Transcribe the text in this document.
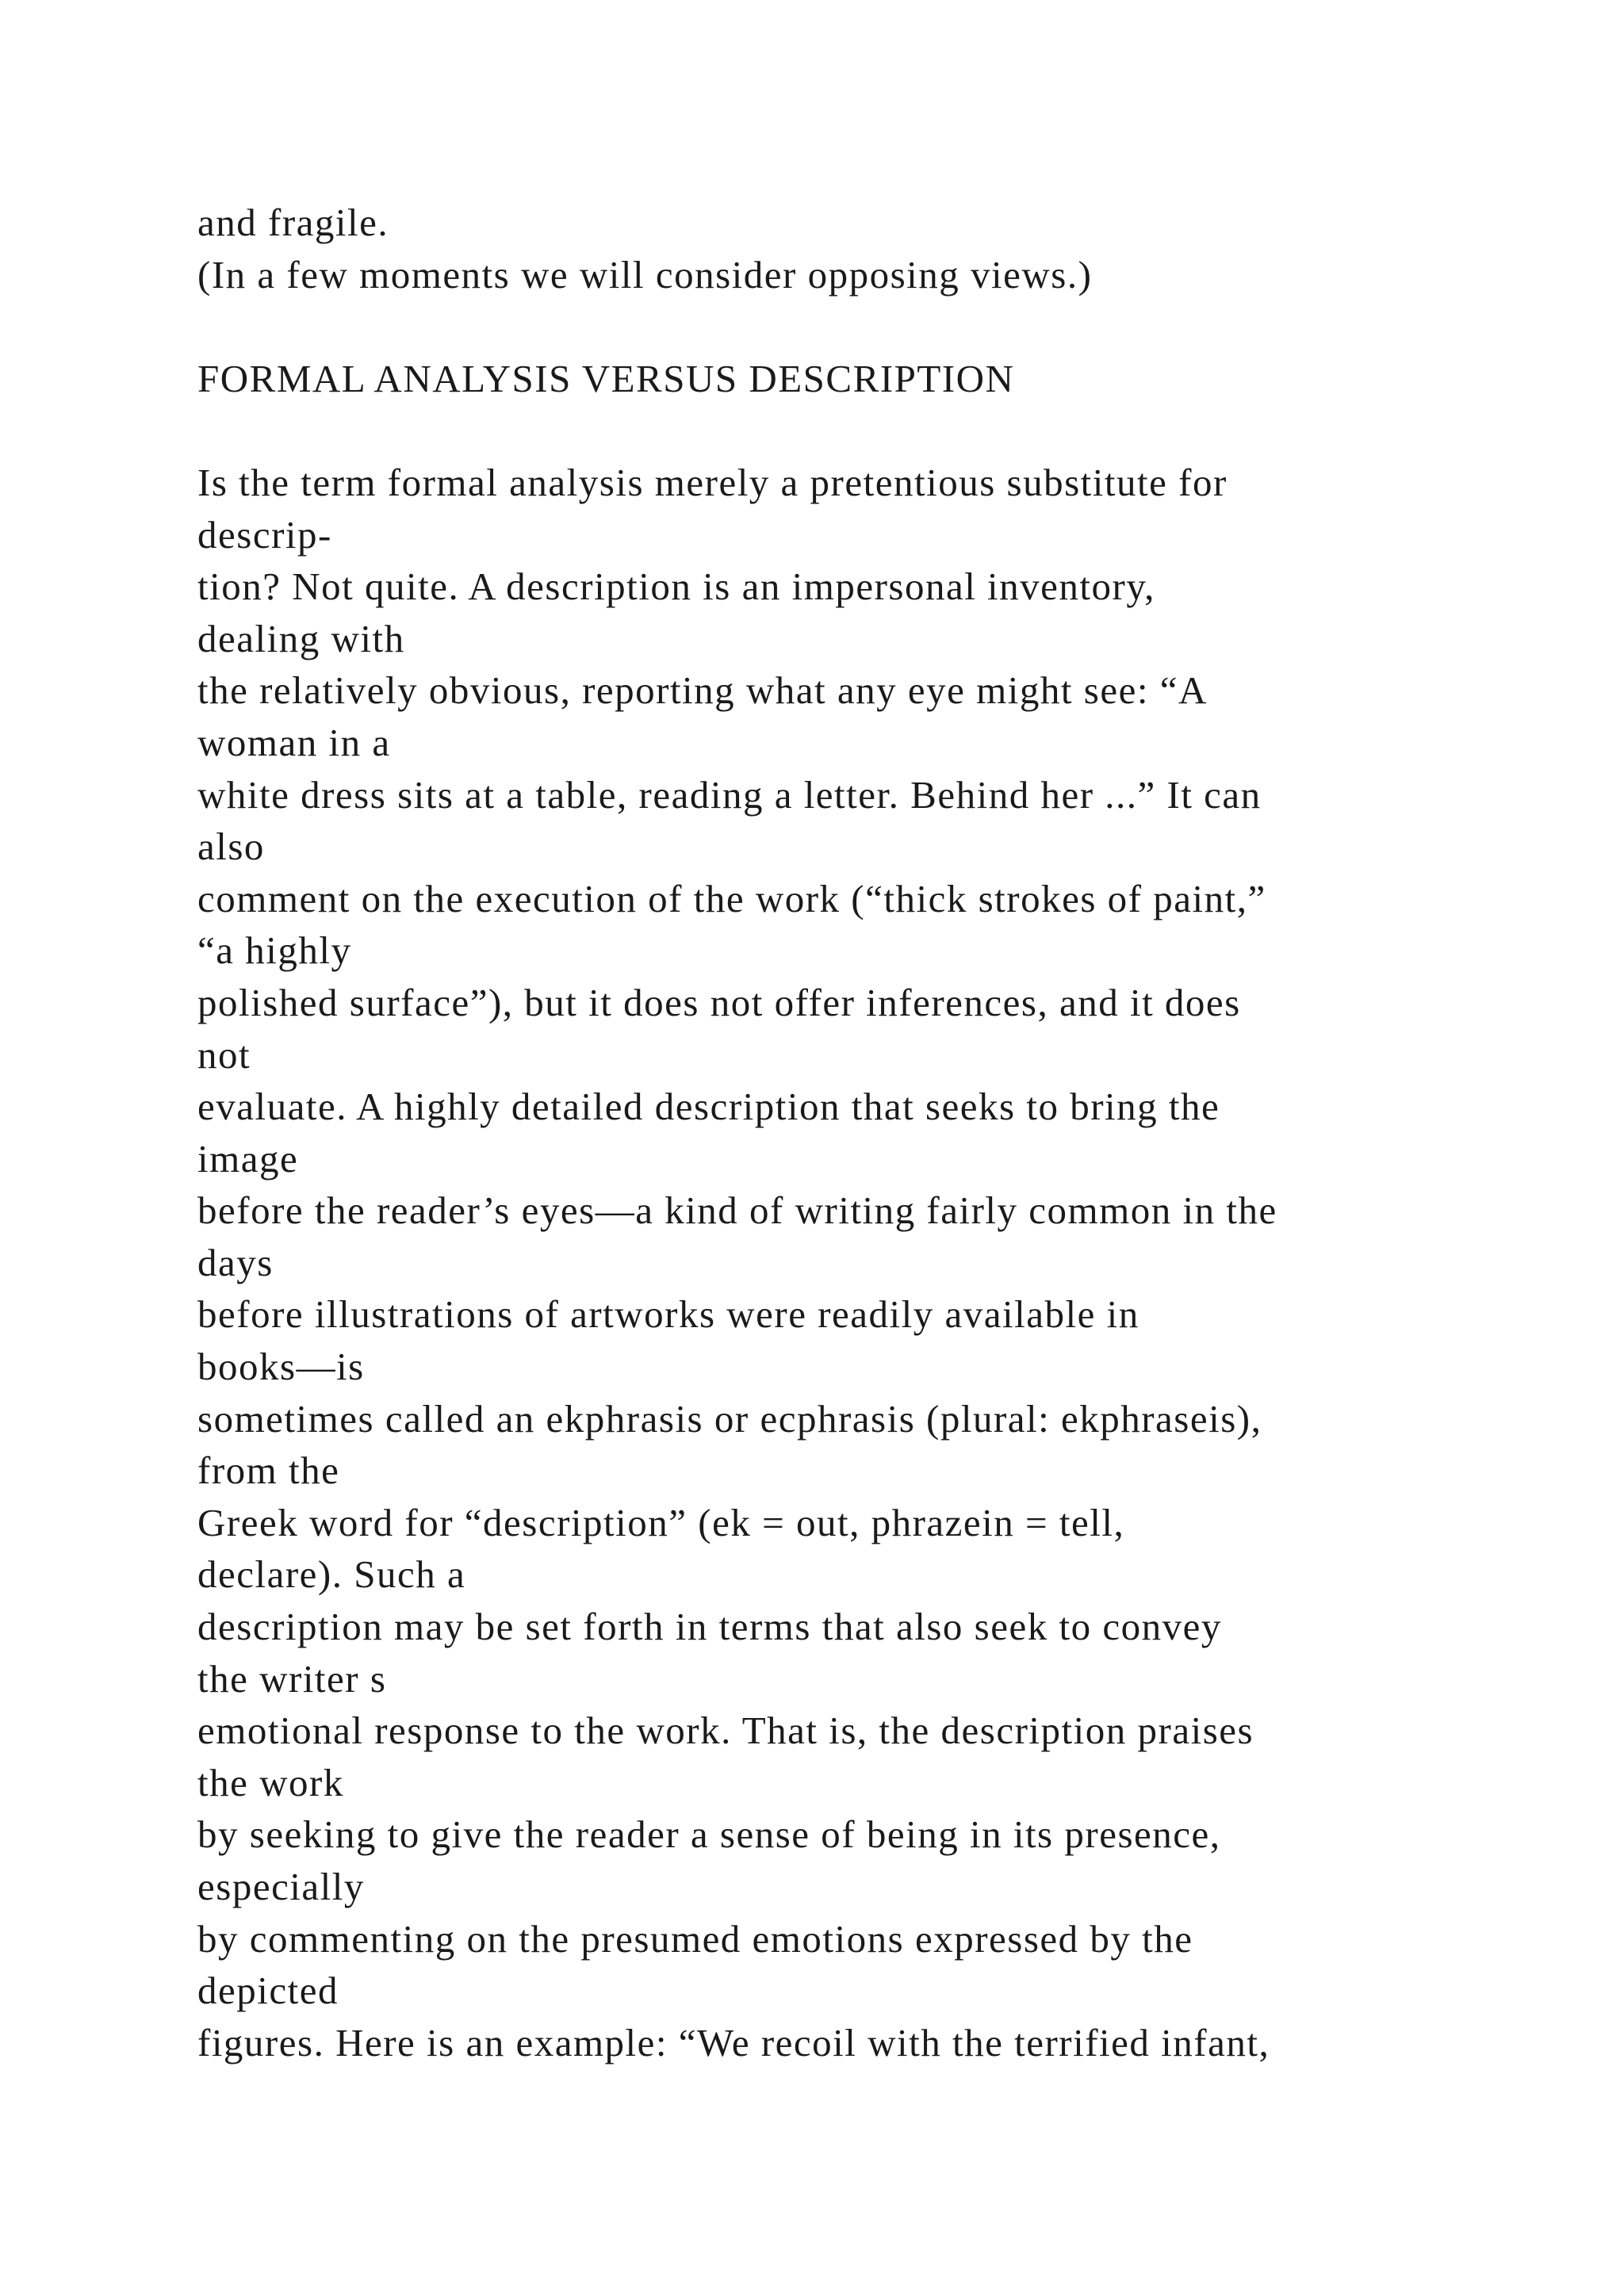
and fragile.
(In a few moments we will consider opposing views.)
FORMAL ANALYSIS VERSUS DESCRIPTION
Is the term formal analysis merely a pretentious substitute for
descrip-
tion? Not quite. A description is an impersonal inventory,
dealing with
the relatively obvious, reporting what any eye might see: “A
woman in a
white dress sits at a table, reading a letter. Behind her ...” It can
also
comment on the execution of the work (“thick strokes of paint,”
“a highly
polished surface”), but it does not offer inferences, and it does
not
evaluate. A highly detailed description that seeks to bring the
image
before the reader’s eyes—a kind of writing fairly common in the
days
before illustrations of artworks were readily available in
books—is
sometimes called an ekphrasis or ecphrasis (plural: ekphraseis),
from the
Greek word for “description” (ek = out, phrazein = tell,
declare). Such a
description may be set forth in terms that also seek to convey
the writer s
emotional response to the work. That is, the description praises
the work
by seeking to give the reader a sense of being in its presence,
especially
by commenting on the presumed emotions expressed by the
depicted
figures. Here is an example: “We recoil with the terrified infant,
